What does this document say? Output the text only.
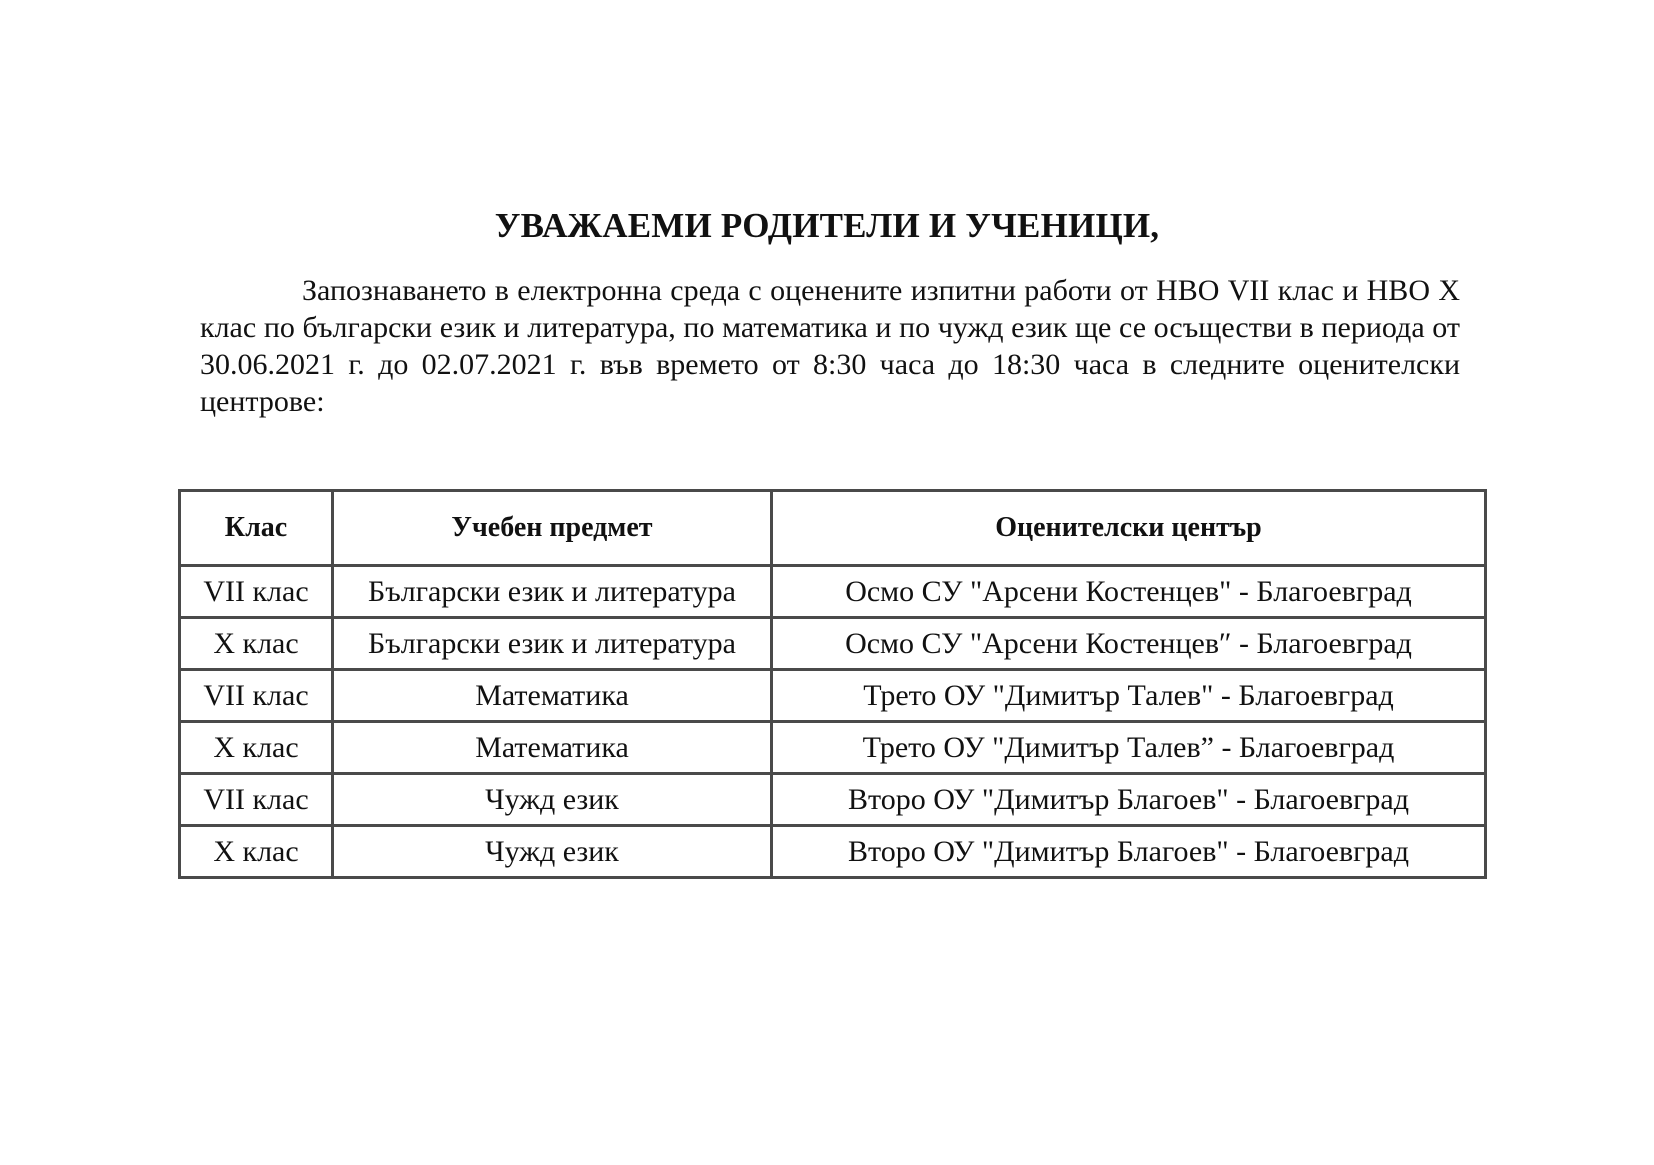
УВАЖАЕМИ РОДИТЕЛИ И УЧЕНИЦИ,

Запознаването в електронна среда с оценените изпитни работи от НВО VII клас и НВО X клас по български език и литература, по математика и по чужд език ще се осъществи в периода от 30.06.2021 г. до 02.07.2021 г. във времето от 8:30 часа до 18:30 часа в следните оценителски центрове:

Клас	Учебен предмет	Оценителски център
VII клас	Български език и литература	Осмо СУ "Арсени Костенцев" - Благоевград
X клас	Български език и литература	Осмо СУ "Арсени Костенцев″ - Благоевград
VII клас	Математика	Трето ОУ "Димитър Талев" - Благоевград
X клас	Математика	Трето ОУ "Димитър Талев” - Благоевград
VII клас	Чужд език	Второ ОУ "Димитър Благоев" - Благоевград
X клас	Чужд език	Второ ОУ "Димитър Благоев" - Благоевград
